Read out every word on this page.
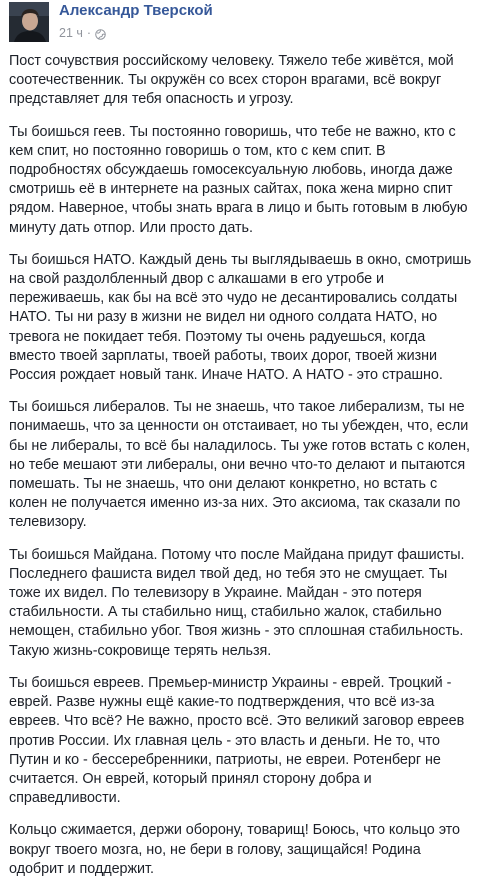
Александр Тверской
21 ч ·

Пост сочувствия российскому человеку. Тяжело тебе живётся, мой соотечественник. Ты окружён со всех сторон врагами, всё вокруг представляет для тебя опасность и угрозу.

Ты боишься геев. Ты постоянно говоришь, что тебе не важно, кто с кем спит, но постоянно говоришь о том, кто с кем спит. В подробностях обсуждаешь гомосексуальную любовь, иногда даже смотришь её в интернете на разных сайтах, пока жена мирно спит рядом. Наверное, чтобы знать врага в лицо и быть готовым в любую минуту дать отпор. Или просто дать.

Ты боишься НАТО. Каждый день ты выглядываешь в окно, смотришь на свой раздолбленный двор с алкашами в его утробе и переживаешь, как бы на всё это чудо не десантировались солдаты НАТО. Ты ни разу в жизни не видел ни одного солдата НАТО, но тревога не покидает тебя. Поэтому ты очень радуешься, когда вместо твоей зарплаты, твоей работы, твоих дорог, твоей жизни Россия рождает новый танк. Иначе НАТО. А НАТО - это страшно.

Ты боишься либералов. Ты не знаешь, что такое либерализм, ты не понимаешь, что за ценности он отстаивает, но ты убежден, что, если бы не либералы, то всё бы наладилось. Ты уже готов встать с колен, но тебе мешают эти либералы, они вечно что-то делают и пытаются помешать. Ты не знаешь, что они делают конкретно, но встать с колен не получается именно из-за них. Это аксиома, так сказали по телевизору.

Ты боишься Майдана. Потому что после Майдана придут фашисты. Последнего фашиста видел твой дед, но тебя это не смущает. Ты тоже их видел. По телевизору в Украине. Майдан - это потеря стабильности. А ты стабильно нищ, стабильно жалок, стабильно немощен, стабильно убог. Твоя жизнь - это сплошная стабильность. Такую жизнь-сокровище терять нельзя.

Ты боишься евреев. Премьер-министр Украины - еврей. Троцкий - еврей. Разве нужны ещё какие-то подтверждения, что всё из-за евреев. Что всё? Не важно, просто всё. Это великий заговор евреев против России. Их главная цель - это власть и деньги. Не то, что Путин и ко - бессеребренники, патриоты, не евреи. Ротенберг не считается. Он еврей, который принял сторону добра и справедливости.

Кольцо сжимается, держи оборону, товарищ! Боюсь, что кольцо это вокруг твоего мозга, но, не бери в голову, защищайся! Родина одобрит и поддержит.
